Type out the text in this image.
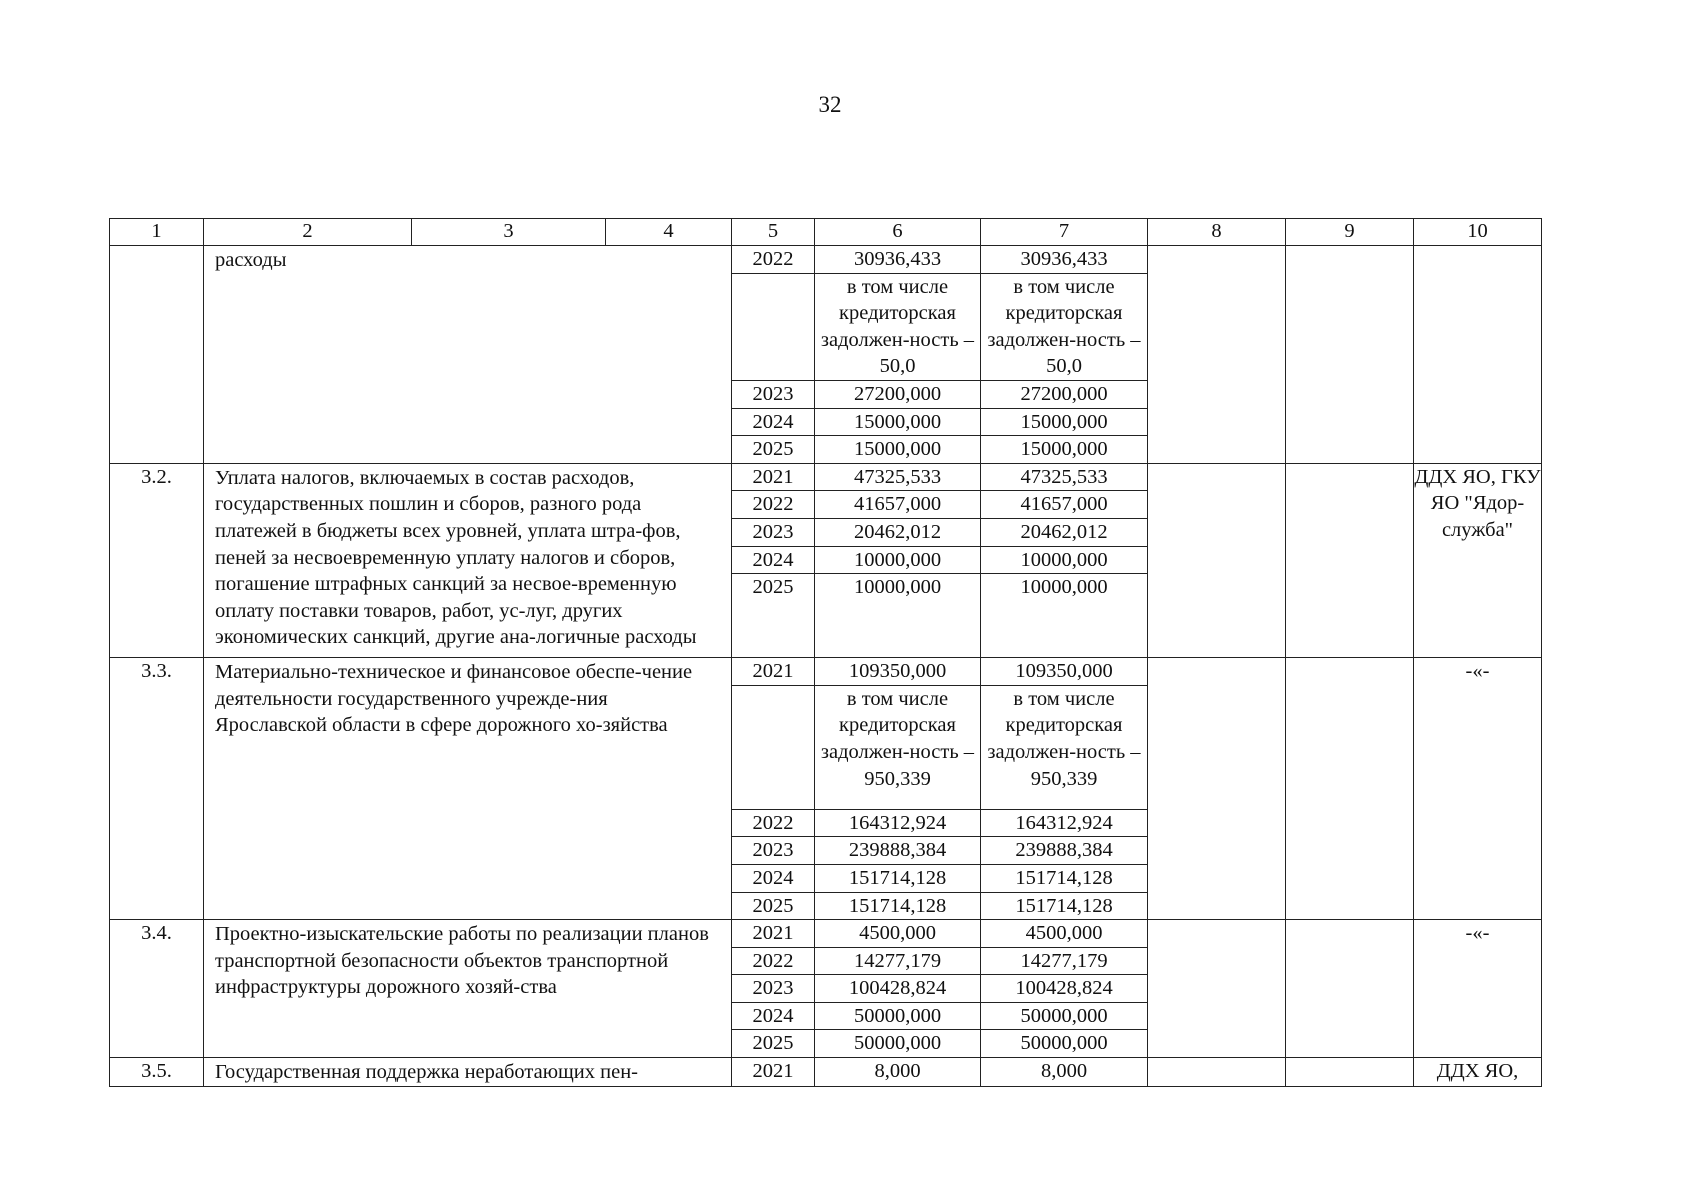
32
1	2	3	4	5	6	7	8	9	10
	расходы			2022	30936,433	30936,433			
					в том числе кредиторская задолжен-ность – 50,0	в том числе кредиторская задолжен-ность – 50,0			
				2023	27200,000	27200,000			
				2024	15000,000	15000,000			
				2025	15000,000	15000,000			
3.2.	Уплата налогов, включаемых в состав расходов, государственных пошлин и сборов, разного рода платежей в бюджеты всех уровней, уплата штра-фов, пеней за несвоевременную уплату налогов и сборов, погашение штрафных санкций за несвое-временную оплату поставки товаров, работ, ус-луг, других экономических санкций, другие ана-логичные расходы			2021	47325,533	47325,533			ДДХ ЯО, ГКУ ЯО "Ядор-служба"
				2022	41657,000	41657,000			
				2023	20462,012	20462,012			
				2024	10000,000	10000,000			
				2025	10000,000	10000,000			
3.3.	Материально-техническое и финансовое обеспе-чение деятельности государственного учрежде-ния Ярославской области в сфере дорожного хо-зяйства			2021	109350,000	109350,000			-«-
					в том числе кредиторская задолжен-ность – 950,339	в том числе кредиторская задолжен-ность – 950,339			
				2022	164312,924	164312,924			
				2023	239888,384	239888,384			
				2024	151714,128	151714,128			
				2025	151714,128	151714,128			
3.4.	Проектно-изыскательские работы по реализации планов транспортной безопасности объектов транспортной инфраструктуры дорожного хозяй-ства			2021	4500,000	4500,000			-«-
				2022	14277,179	14277,179			
				2023	100428,824	100428,824			
				2024	50000,000	50000,000			
				2025	50000,000	50000,000			
3.5.	Государственная поддержка неработающих пен-			2021	8,000	8,000			ДДХ ЯО,
